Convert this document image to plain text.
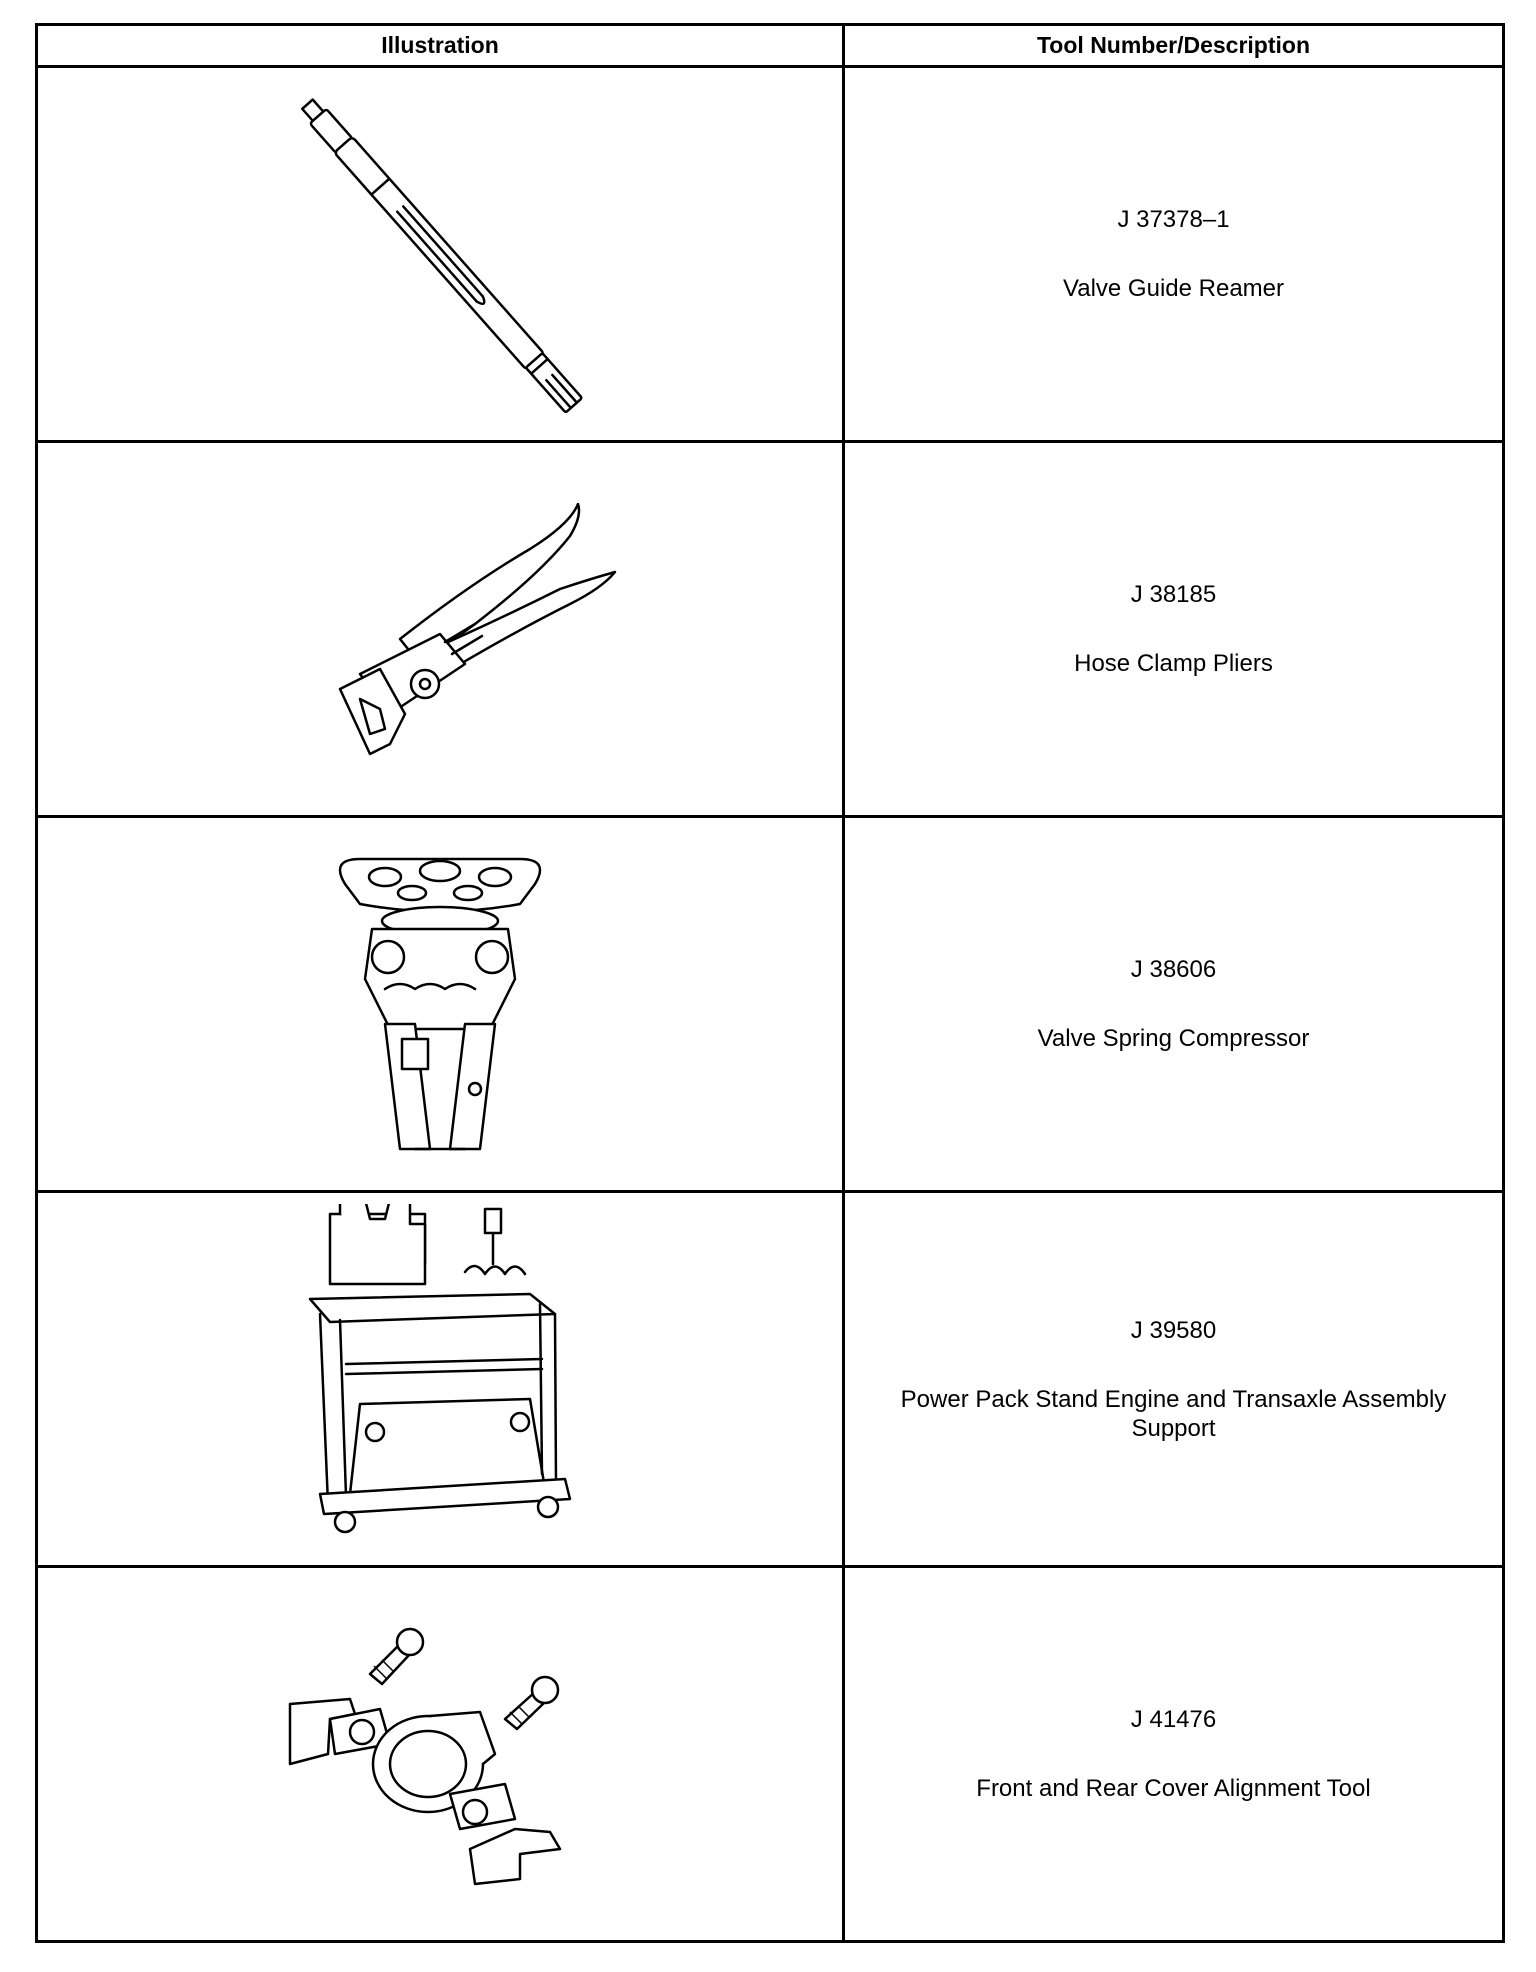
Illustration	Tool Number/Description

J 37378–1
Valve Guide Reamer

J 38185
Hose Clamp Pliers

J 38606
Valve Spring Compressor

J 39580
Power Pack Stand Engine and Transaxle Assembly Support

J 41476
Front and Rear Cover Alignment Tool
